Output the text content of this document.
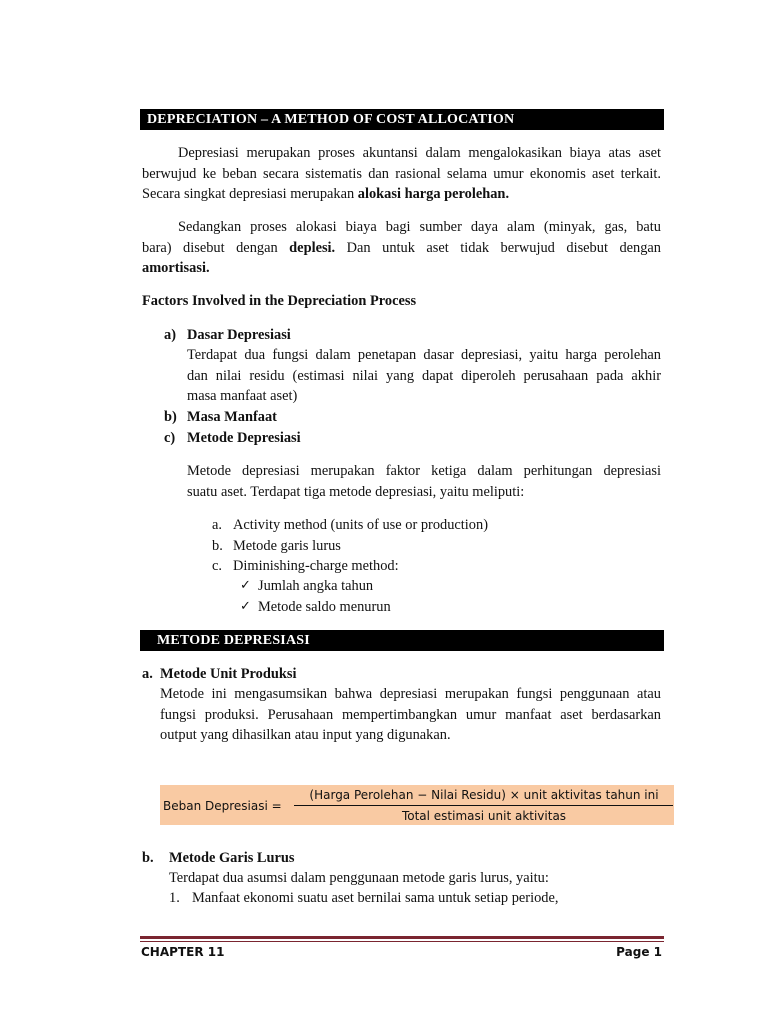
DEPRECIATION – A METHOD OF COST ALLOCATION
Depresiasi merupakan proses akuntansi dalam mengalokasikan biaya atas aset
berwujud ke beban secara sistematis dan rasional selama umur ekonomis aset terkait.
Secara singkat depresiasi merupakan alokasi harga perolehan.
Sedangkan proses alokasi biaya bagi sumber daya alam (minyak, gas, batu
bara) disebut dengan deplesi. Dan untuk aset tidak berwujud disebut dengan
amortisasi.
Factors Involved in the Depreciation Process
a) Dasar Depresiasi
Terdapat dua fungsi dalam penetapan dasar depresiasi, yaitu harga perolehan
dan nilai residu (estimasi nilai yang dapat diperoleh perusahaan pada akhir
masa manfaat aset)
b) Masa Manfaat
c) Metode Depresiasi
Metode depresiasi merupakan faktor ketiga dalam perhitungan depresiasi
suatu aset. Terdapat tiga metode depresiasi, yaitu meliputi:
a. Activity method (units of use or production)
b. Metode garis lurus
c. Diminishing-charge method:
✓ Jumlah angka tahun
✓ Metode saldo menurun
METODE DEPRESIASI
a. Metode Unit Produksi
Metode ini mengasumsikan bahwa depresiasi merupakan fungsi penggunaan atau
fungsi produksi. Perusahaan mempertimbangkan umur manfaat aset berdasarkan
output yang dihasilkan atau input yang digunakan.
Beban Depresiasi =
(Harga Perolehan − Nilai Residu) × unit aktivitas tahun ini
Total estimasi unit aktivitas
b. Metode Garis Lurus
Terdapat dua asumsi dalam penggunaan metode garis lurus, yaitu:
1. Manfaat ekonomi suatu aset bernilai sama untuk setiap periode,
CHAPTER 11	Page 1
